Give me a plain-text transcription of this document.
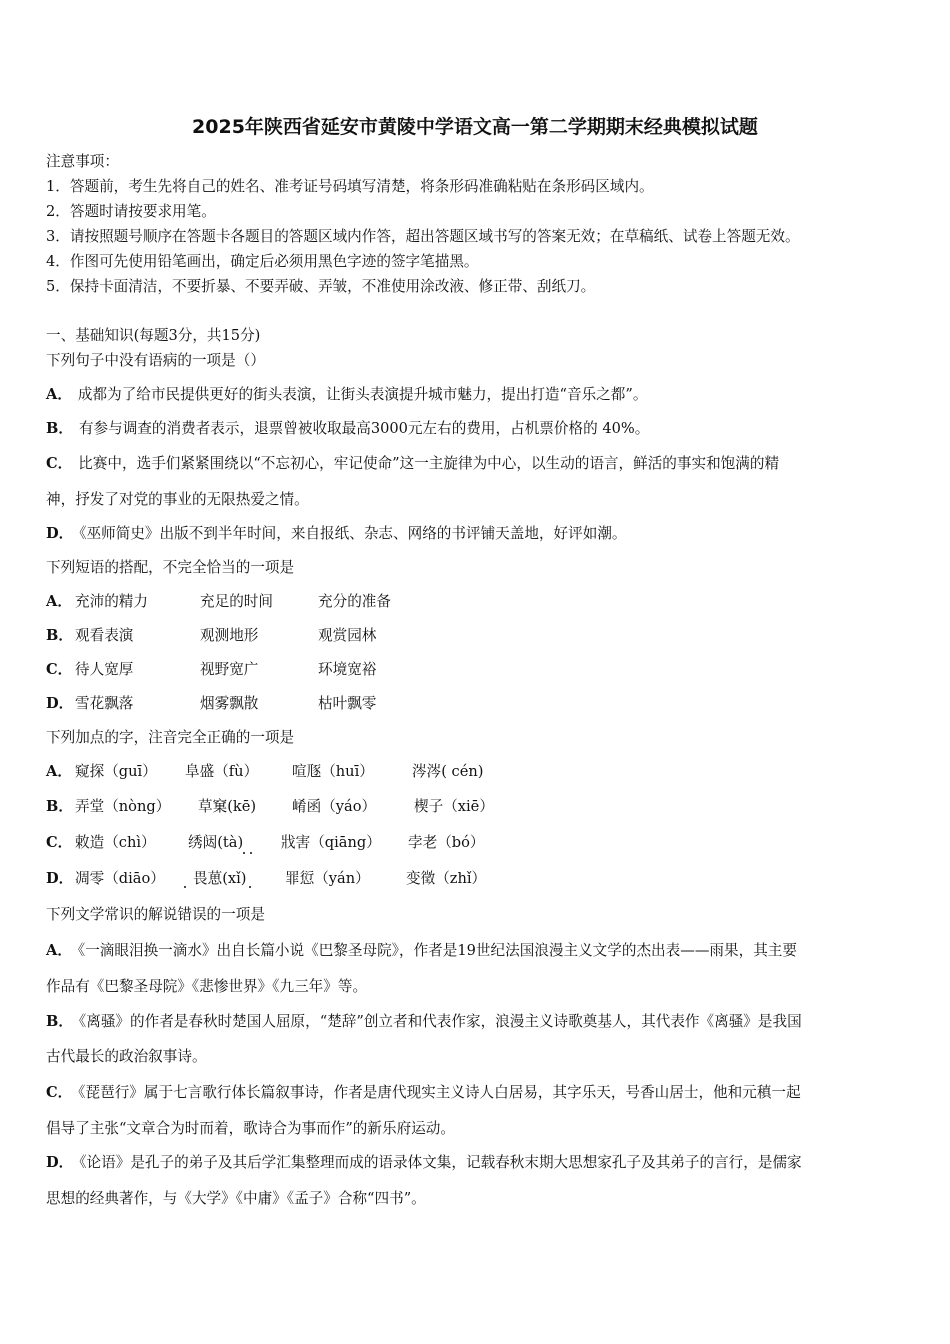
2025年陕西省延安市黄陵中学语文高一第二学期期末经典模拟试题
注意事项：
1．答题前，考生先将自己的姓名、准考证号码填写清楚，将条形码准确粘贴在条形码区域内。
2．答题时请按要求用笔。
3．请按照题号顺序在答题卡各题目的答题区域内作答，超出答题区域书写的答案无效；在草稿纸、试卷上答题无效。
4．作图可先使用铅笔画出，确定后必须用黑色字迹的签字笔描黑。
5．保持卡面清洁，不要折暴、不要弄破、弄皱，不准使用涂改液、修正带、刮纸刀。
一、基础知识(每题3分，共15分)
下列句子中没有语病的一项是（）
A． 成都为了给市民提供更好的街头表演，让街头表演提升城市魅力，提出打造“音乐之都”。
B． 有参与调查的消费者表示，退票曾被收取最高3000元左右的费用，占机票价格的 40%。
C． 比赛中，选手们紧紧围绕以“不忘初心，牢记使命”这一主旋律为中心，以生动的语言，鲜活的事实和饱满的精
神，抒发了对党的事业的无限热爱之情。
D． 《巫师简史》出版不到半年时间，来自报纸、杂志、网络的书评铺天盖地，好评如潮。
下列短语的搭配，不完全恰当的一项是
A． 充沛的精力	充足的时间	充分的准备
B． 观看表演	观测地形	观赏园林
C． 待人宽厚	视野宽广	环境宽裕
D． 雪花飘落	烟雾飘散	枯叶飘零
下列加点的字，注音完全正确的一项是
A． 窥探（guī） 阜盛（fù） 喧豗（huī）	涔涔( cén)
B． 弄堂（nòng） 草窠(kē) 崤函（yáo）	楔子（xiē）
C． 敕造（chì） 绣闼(tà)	戕害（qiāng） 孛老（bó）
D． 凋零（diāo） 畏葸(xǐ)	罪愆（yán） 变徵（zhǐ）
下列文学常识的解说错误的一项是
A． 《一滴眼泪换一滴水》出自长篇小说《巴黎圣母院》，作者是19世纪法国浪漫主义文学的杰出表——雨果，其主要
作品有《巴黎圣母院》《悲惨世界》《九三年》等。
B． 《离骚》的作者是春秋时楚国人屈原，“楚辞”创立者和代表作家，浪漫主义诗歌奠基人，其代表作《离骚》是我国
古代最长的政治叙事诗。
C． 《琵琶行》属于七言歌行体长篇叙事诗，作者是唐代现实主义诗人白居易，其字乐天，号香山居士，他和元稹一起
倡导了主张“文章合为时而着，歌诗合为事而作”的新乐府运动。
D． 《论语》是孔子的弟子及其后学汇集整理而成的语录体文集，记载春秋末期大思想家孔子及其弟子的言行，是儒家
思想的经典著作，与《大学》《中庸》《孟子》合称“四书”。
